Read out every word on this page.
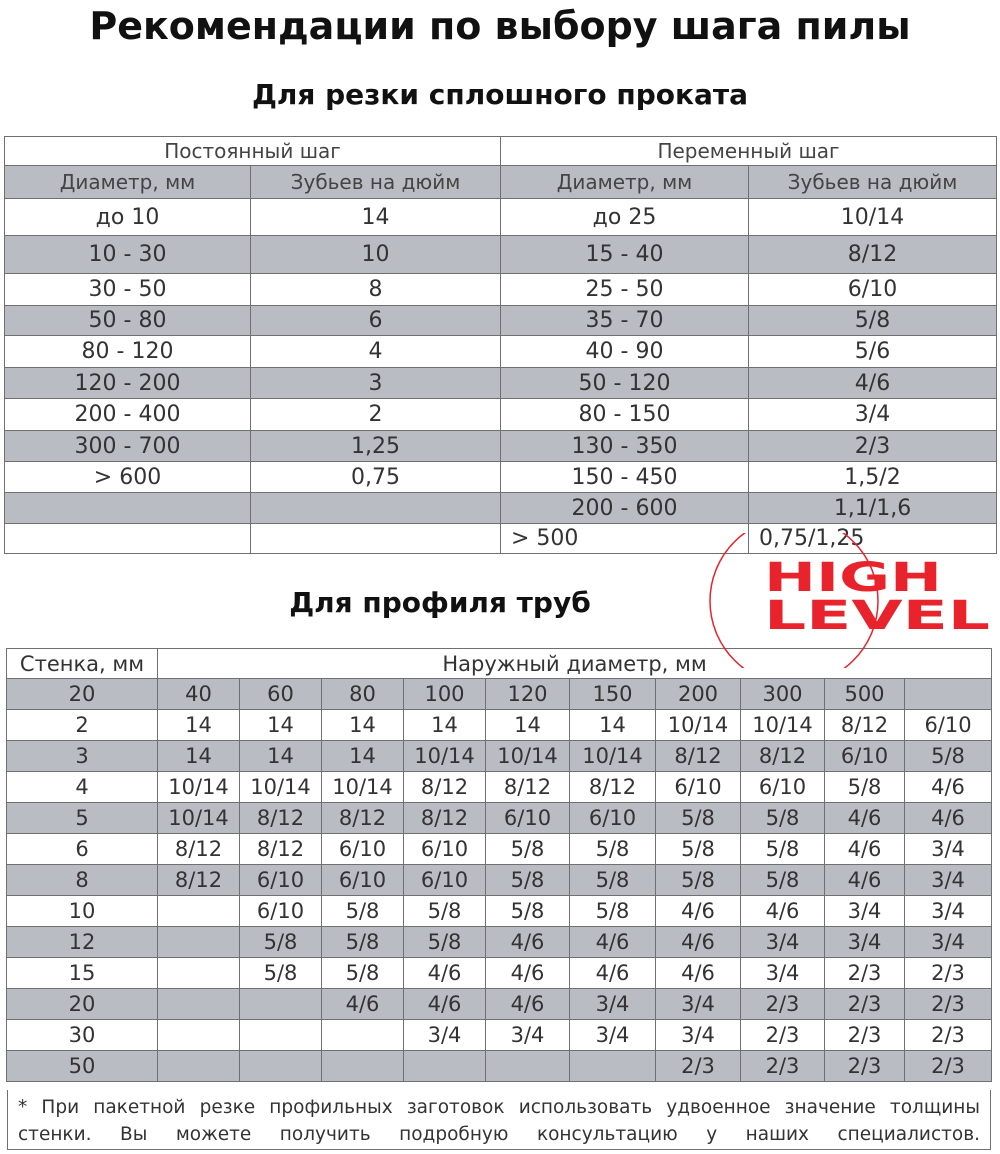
Рекомендации по выбору шага пилы
Для резки сплошного проката
Постоянный шаг		Переменный шаг	
Диаметр, мм	Зубьев на дюйм	Диаметр, мм	Зубьев на дюйм
до 10	14	до 25	10/14
10 - 30	10	15 - 40	8/12
30 - 50	8	25 - 50	6/10
50 - 80	6	35 - 70	5/8
80 - 120	4	40 - 90	5/6
120 - 200	3	50 - 120	4/6
200 - 400	2	80 - 150	3/4
300 - 700	1,25	130 - 350	2/3
> 600	0,75	150 - 450	1,5/2
		200 - 600	1,1/1,6
		> 500	0,75/1,25
Для профиля труб
Стенка, мм	Наружный диаметр, мм									
20	40	60	80	100	120	150	200	300	500	
2	14	14	14	14	14	14	10/14	10/14	8/12	6/10
3	14	14	14	10/14	10/14	10/14	8/12	8/12	6/10	5/8
4	10/14	10/14	10/14	8/12	8/12	8/12	6/10	6/10	5/8	4/6
5	10/14	8/12	8/12	8/12	6/10	6/10	5/8	5/8	4/6	4/6
6	8/12	8/12	6/10	6/10	5/8	5/8	5/8	5/8	4/6	3/4
8	8/12	6/10	6/10	6/10	5/8	5/8	5/8	5/8	4/6	3/4
10		6/10	5/8	5/8	5/8	5/8	4/6	4/6	3/4	3/4
12		5/8	5/8	5/8	4/6	4/6	4/6	3/4	3/4	3/4
15		5/8	5/8	4/6	4/6	4/6	4/6	3/4	2/3	2/3
20			4/6	4/6	4/6	3/4	3/4	2/3	2/3	2/3
30				3/4	3/4	3/4	3/4	2/3	2/3	2/3
50							2/3	2/3	2/3	2/3
* При пакетной резке профильных заготовок использовать удвоенное значение толщины стенки. Вы можете получить подробную консультацию у наших специалистов.
HIGH
LEVEL
